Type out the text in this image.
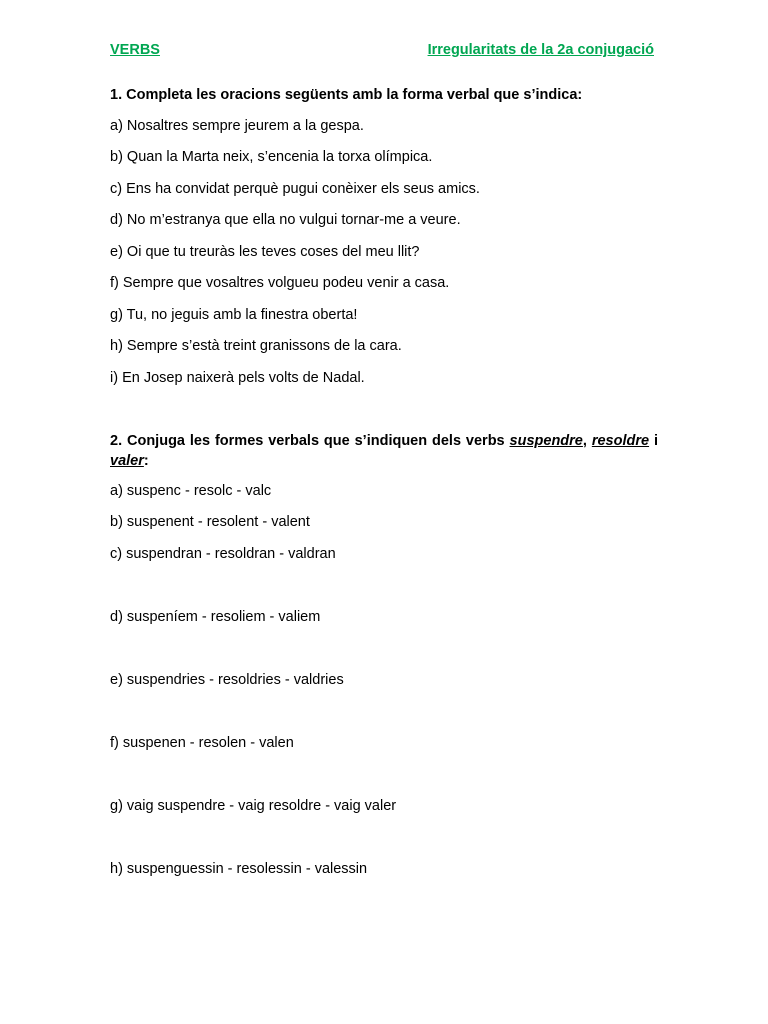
VERBS	Irregularitats de la 2a conjugació
1. Completa les oracions següents amb la forma verbal que s’indica:
a) Nosaltres sempre jeurem a la gespa.
b) Quan la Marta neix, s’encenia la torxa olímpica.
c) Ens ha convidat perquè pugui conèixer els seus amics.
d) No m’estranya que ella no vulgui tornar-me a veure.
e) Oi que tu treuràs les teves coses del meu llit?
f) Sempre que vosaltres volgueu podeu venir a casa.
g) Tu, no jeguis amb la finestra oberta!
h) Sempre s’està treint granissons de la cara.
i) En Josep naixerà pels volts de Nadal.
2. Conjuga les formes verbals que s’indiquen dels verbs suspendre, resoldre i valer:
a) suspenc - resolc - valc
b) suspenent - resolent - valent
c) suspendran - resoldran - valdran
d) suspeníem - resoliem - valiem
e) suspendries - resoldries - valdries
f) suspenen - resolen - valen
g) vaig suspendre - vaig resoldre - vaig valer
h) suspenguessin - resolessin - valessin
